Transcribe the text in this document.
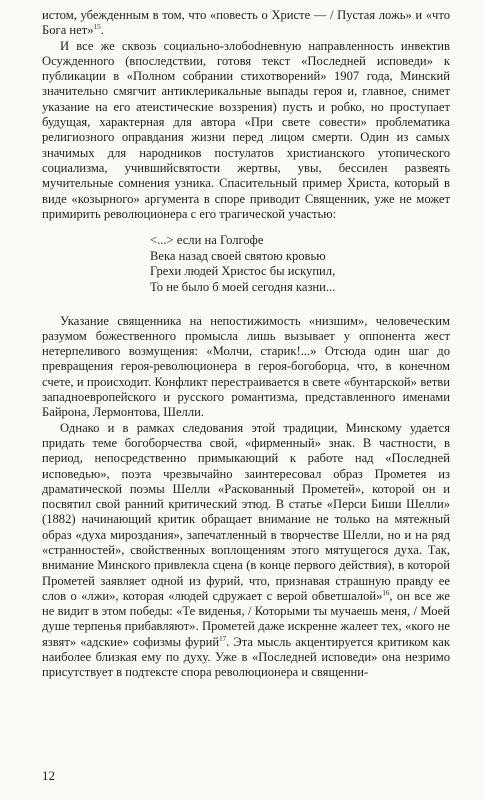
истом, убежденным в том, что «повесть о Христе — / Пустая ложь» и «что Бога нет»$^{15}$.

И все же сквозь социально-злобоdневную направленность инвектив Осужденного (впоследствии, готовя текст «Последней исповеди» к публикации в «Полном собрании стихотворений» 1907 года, Минский значительно смягчит антиклерикальные выпады героя и, главное, снимет указание на его атеистические воззрения) пусть и робко, но проступает будущая, характерная для автора «При свете совести» проблематика религиозного оправдания жизни перед лицом смерти. Один из самых значимых для народников постулатов христианского утопического социализма, учившийсвятости жертвы, увы, бессилен развеять мучительные сомнения узника. Спасительный пример Христа, который в виде «козырного» аргумента в споре приводит Священник, уже не может примирить революционера с его трагической участью:

<...> если на Голгофе
Века назад своей святою кровью
Грехи людей Христос бы искупил,
То не было б моей сегодня казни...

Указание священника на непостижимость «низшим», человеческим разумом божественного промысла лишь вызывает у оппонента жест нетерпеливого возмущения: «Молчи, старик!...» Отсюда один шаг до превращения героя-революционера в героя-богоборца, что, в конечном счете, и происходит. Конфликт перестраивается в свете «бунтарской» ветви западноевропейского и русского романтизма, представленного именами Байрона, Лермонтова, Шелли.

Однако и в рамках следования этой традиции, Минскому удается придать теме богоборчества свой, «фирменный» знак. В частности, в период, непосредственно примыкающий к работе над «Последней исповедью», поэта чрезвычайно заинтересовал образ Прометея из драматической поэмы Шелли «Раскованный Прометей», которой он и посвятил свой ранний критический этюд. В статье «Перси Биши Шелли» (1882) начинающий критик обращает внимание не только на мятежный образ «духа мироздания», запечатленный в творчестве Шелли, но и на ряд «странностей», свойственных воплощениям этого мятущегося духа. Так, внимание Минского привлекла сцена (в конце первого действия), в которой Прометей заявляет одной из фурий, что, признавая страшную правду ее слов о «лжи», которая «людей сдружает с верой обветшалой»$^{16}$, он все же не видит в этом победы: «Те виденья, / Которыми ты мучаешь меня, / Моей душе терпенья прибавляют». Прометей даже искренне жалеет тех, «кого не язвят» «адские» софизмы фурий$^{17}$. Эта мысль акцентируется критиком как наиболее близкая ему по духу. Уже в «Последней исповеди» она незримо присутствует в подтексте спора революционера и священни-

12
